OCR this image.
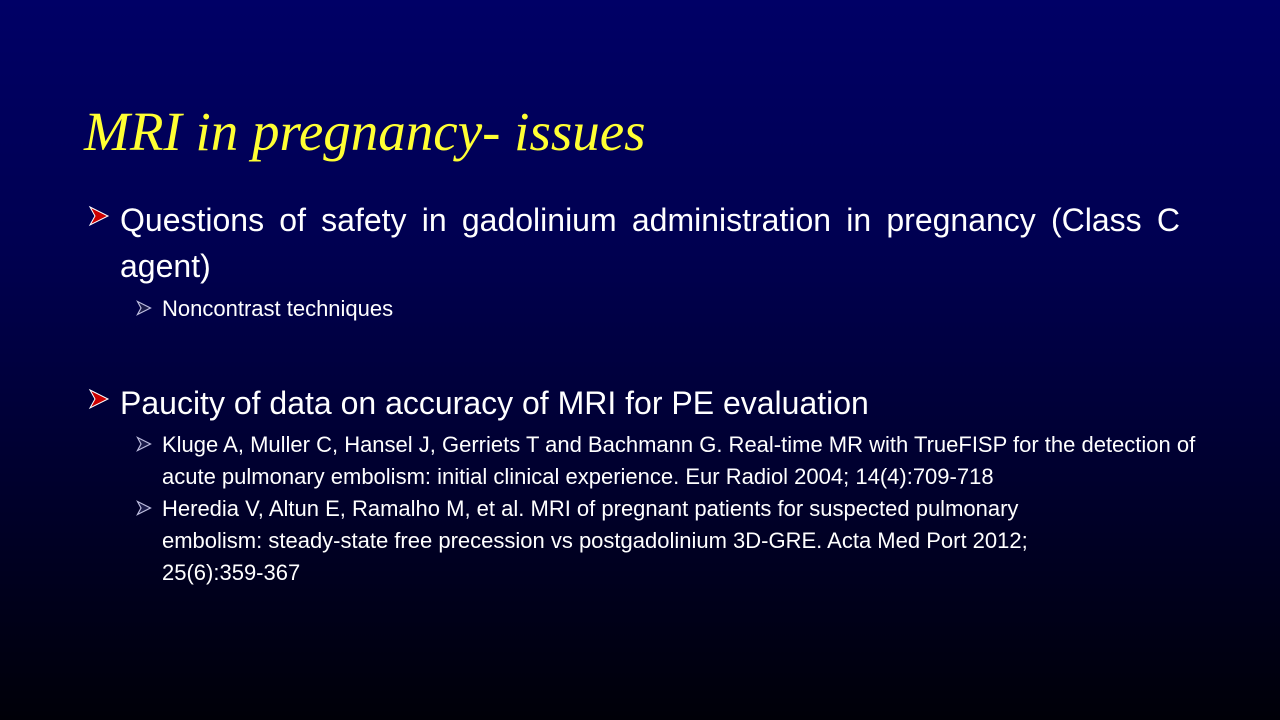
MRI in pregnancy- issues
Questions of safety in gadolinium administration in pregnancy (Class C agent)
Noncontrast techniques
Paucity of data on accuracy of MRI for PE evaluation
Kluge A, Muller C, Hansel J, Gerriets T and Bachmann G. Real-time MR with TrueFISP for the detection of acute pulmonary embolism: initial clinical experience. Eur Radiol 2004; 14(4):709-718
Heredia V, Altun E, Ramalho M, et al. MRI of pregnant patients for suspected pulmonary embolism: steady-state free precession vs postgadolinium 3D-GRE. Acta Med Port 2012; 25(6):359-367
